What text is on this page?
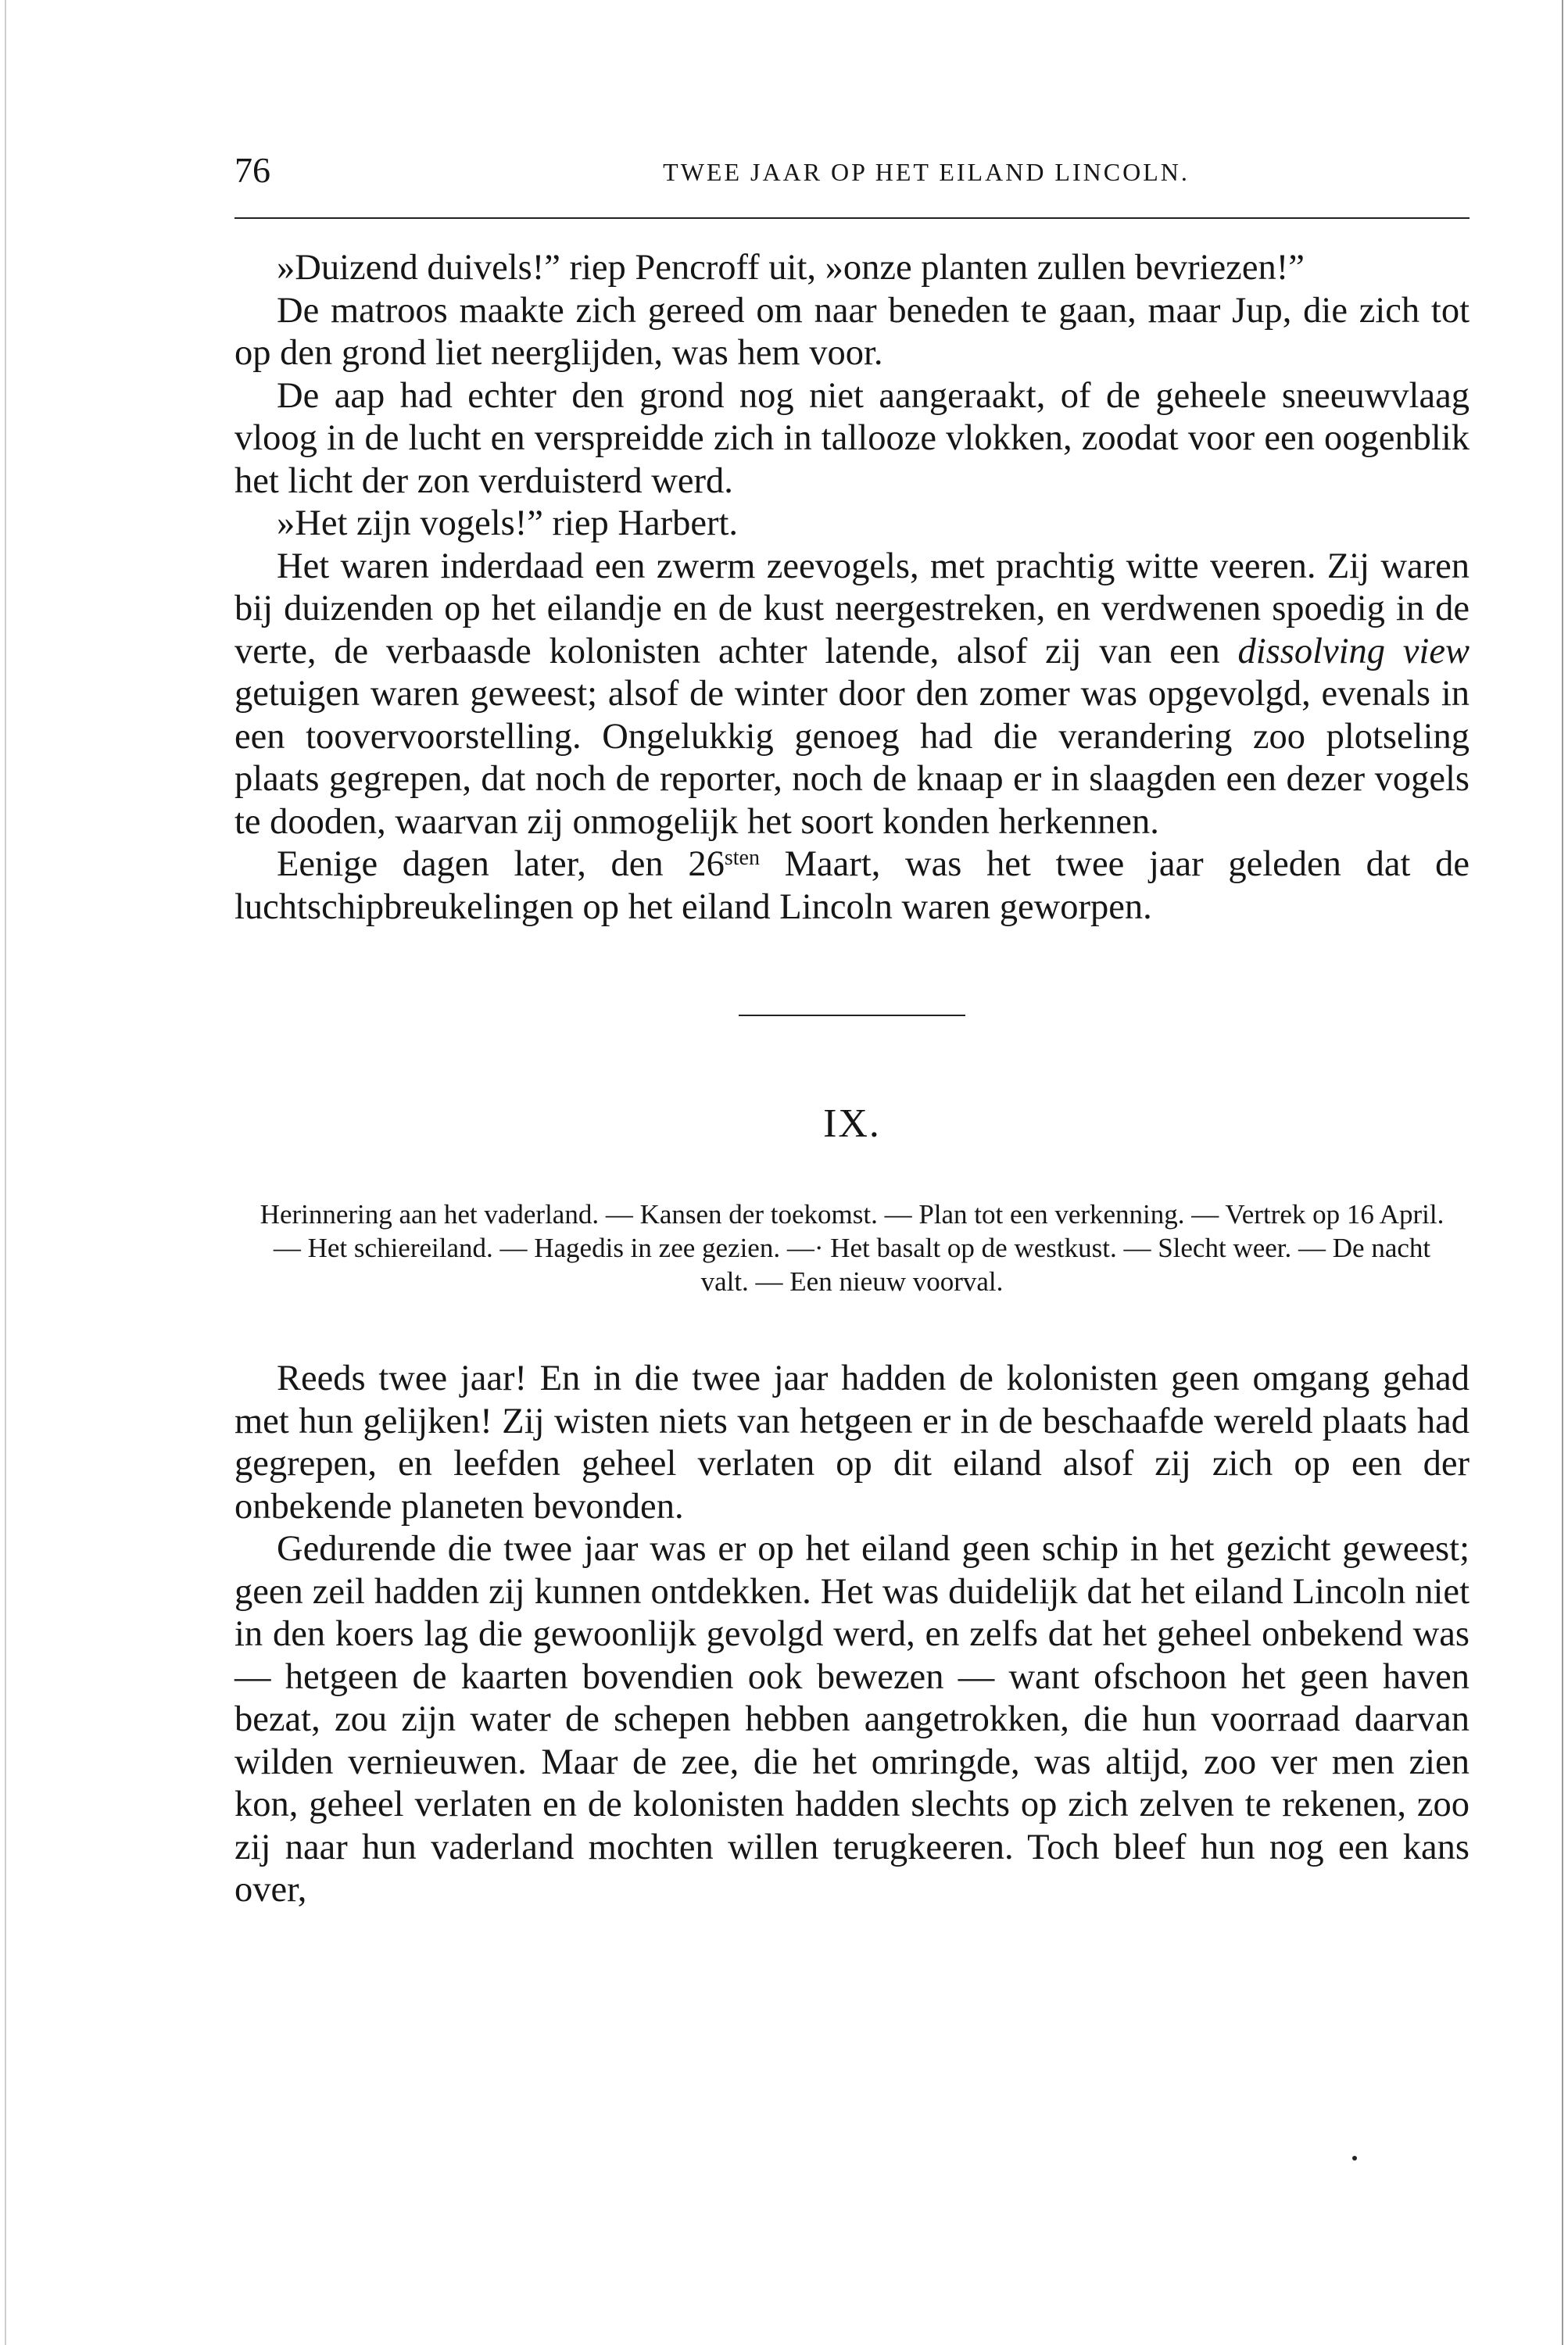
76	TWEE JAAR OP HET EILAND LINCOLN.

»Duizend duivels!” riep Pencroff uit, »onze planten zullen bevriezen!”

De matroos maakte zich gereed om naar beneden te gaan, maar Jup, die zich tot op den grond liet neerglijden, was hem voor.

De aap had echter den grond nog niet aangeraakt, of de geheele sneeuwvlaag vloog in de lucht en verspreidde zich in tallooze vlokken, zoodat voor een oogenblik het licht der zon verduisterd werd.

»Het zijn vogels!” riep Harbert.

Het waren inderdaad een zwerm zeevogels, met prachtig witte veeren. Zij waren bij duizenden op het eilandje en de kust neergestreken, en verdwenen spoedig in de verte, de verbaasde kolonisten achter latende, alsof zij van een dissolving view getuigen waren geweest; alsof de winter door den zomer was opgevolgd, evenals in een toovervoorstelling. Ongelukkig genoeg had die verandering zoo plotseling plaats gegrepen, dat noch de reporter, noch de knaap er in slaagden een dezer vogels te dooden, waarvan zij onmogelijk het soort konden herkennen.

Eenige dagen later, den $26^{sten}$ Maart, was het twee jaar geleden dat de luchtschipbreukelingen op het eiland Lincoln waren geworpen.

IX.
Herinnering aan het vaderland. — Kansen der toekomst. — Plan tot een verkenning. — Vertrek op 16 April. — Het schiereiland. — Hagedis in zee gezien. —· Het basalt op de westkust. — Slecht weer. — De nacht valt. — Een nieuw voorval.

Reeds twee jaar! En in die twee jaar hadden de kolonisten geen omgang gehad met hun gelijken! Zij wisten niets van hetgeen er in de beschaafde wereld plaats had gegrepen, en leefden geheel verlaten op dit eiland alsof zij zich op een der onbekende planeten bevonden.

Gedurende die twee jaar was er op het eiland geen schip in het gezicht geweest; geen zeil hadden zij kunnen ontdekken. Het was duidelijk dat het eiland Lincoln niet in den koers lag die gewoonlijk gevolgd werd, en zelfs dat het geheel onbekend was — hetgeen de kaarten bovendien ook bewezen — want ofschoon het geen haven bezat, zou zijn water de schepen hebben aangetrokken, die hun voorraad daarvan wilden vernieuwen. Maar de zee, die het omringde, was altijd, zoo ver men zien kon, geheel verlaten en de kolonisten hadden slechts op zich zelven te rekenen, zoo zij naar hun vaderland mochten willen terugkeeren. Toch bleef hun nog een kans over,
